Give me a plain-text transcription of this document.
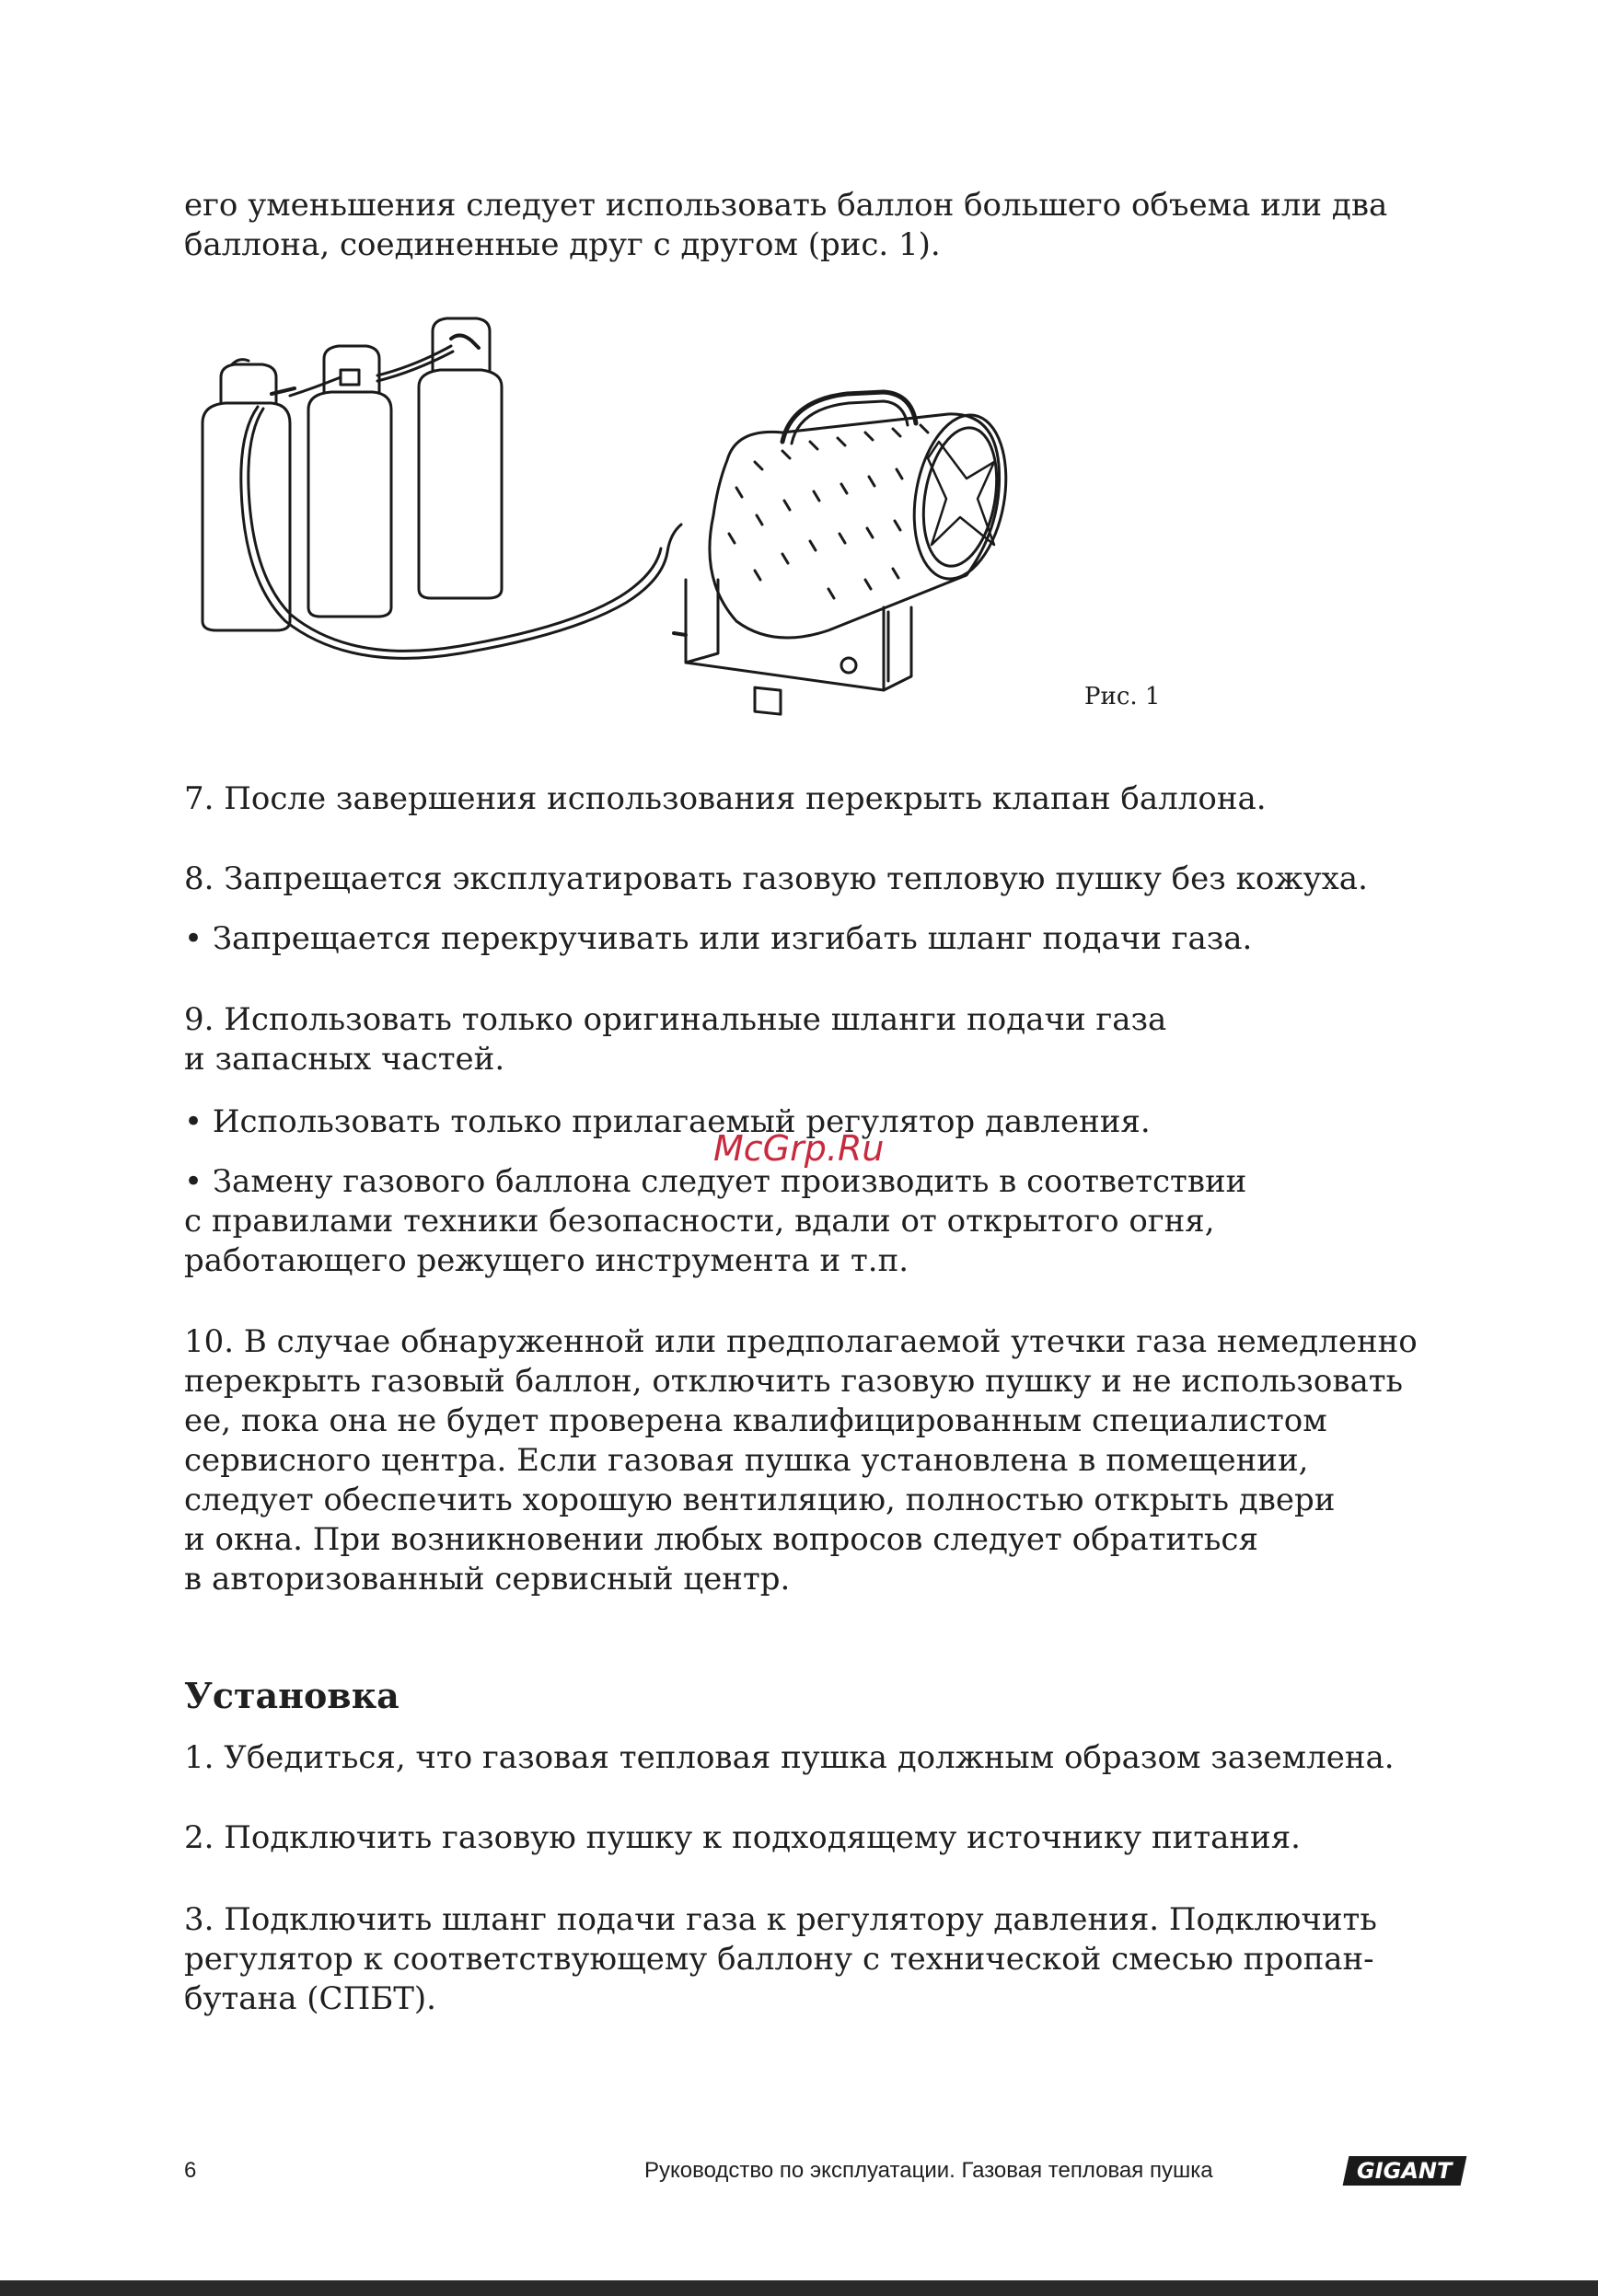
его уменьшения следует использовать баллон большего объема или два
баллона, соединенные друг с другом (рис. 1).

Рис. 1

7. После завершения использования перекрыть клапан баллона.

8. Запрещается эксплуатировать газовую тепловую пушку без кожуха.

• Запрещается перекручивать или изгибать шланг подачи газа.

9. Использовать только оригинальные шланги подачи газа
и запасных частей.

• Использовать только прилагаемый регулятор давления.

• Замену газового баллона следует производить в соответствии
с правилами техники безопасности, вдали от открытого огня,
работающего режущего инструмента и т.п.

10. В случае обнаруженной или предполагаемой утечки газа немедленно
перекрыть газовый баллон, отключить газовую пушку и не использовать
ее, пока она не будет проверена квалифицированным специалистом
сервисного центра. Если газовая пушка установлена в помещении,
следует обеспечить хорошую вентиляцию, полностью открыть двери
и окна. При возникновении любых вопросов следует обратиться
в авторизованный сервисный центр.

Установка

1. Убедиться, что газовая тепловая пушка должным образом заземлена.

2. Подключить газовую пушку к подходящему источнику питания.

3. Подключить шланг подачи газа к регулятору давления. Подключить
регулятор к соответствующему баллону с технической смесью пропан-
бутана (СПБТ).

McGrp.Ru
6	Руководство по эксплуатации. Газовая тепловая пушка	GIGANT
